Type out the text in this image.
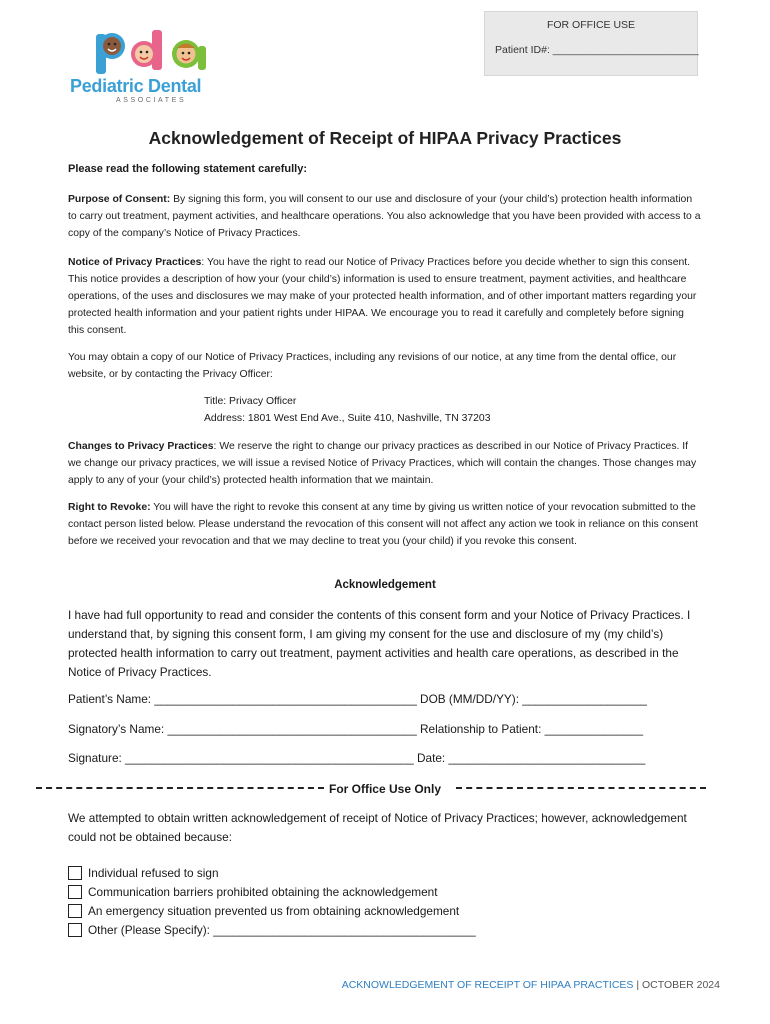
FOR OFFICE USE
Patient ID#: _________________________
Pediatric Dental
ASSOCIATES
Acknowledgement of Receipt of HIPAA Privacy Practices
Please read the following statement carefully:

Purpose of Consent: By signing this form, you will consent to our use and disclosure of your (your child’s) protection health information to carry out treatment, payment activities, and healthcare operations. You also acknowledge that you have been provided with access to a copy of the company’s Notice of Privacy Practices.

Notice of Privacy Practices: You have the right to read our Notice of Privacy Practices before you decide whether to sign this consent. This notice provides a description of how your (your child’s) information is used to ensure treatment, payment activities, and healthcare operations, of the uses and disclosures we may make of your protected health information, and of other important matters regarding your protected health information and your patient rights under HIPAA. We encourage you to read it carefully and completely before signing this consent.

You may obtain a copy of our Notice of Privacy Practices, including any revisions of our notice, at any time from the dental office, our website, or by contacting the Privacy Officer:

Title: Privacy Officer
Address: 1801 West End Ave., Suite 410, Nashville, TN 37203

Changes to Privacy Practices: We reserve the right to change our privacy practices as described in our Notice of Privacy Practices. If we change our privacy practices, we will issue a revised Notice of Privacy Practices, which will contain the changes. Those changes may apply to any of your (your child’s) protected health information that we maintain.

Right to Revoke: You will have the right to revoke this consent at any time by giving us written notice of your revocation submitted to the contact person listed below. Please understand the revocation of this consent will not affect any action we took in reliance on this consent before we received your revocation and that we may decline to treat you (your child) if you revoke this consent.

Acknowledgement

I have had full opportunity to read and consider the contents of this consent form and your Notice of Privacy Practices. I understand that, by signing this consent form, I am giving my consent for the use and disclosure of my (my child’s) protected health information to carry out treatment, payment activities and health care operations, as described in the Notice of Privacy Practices.

Patient’s Name: ________________________________________ DOB (MM/DD/YY): ___________________
Signatory’s Name: ______________________________________ Relationship to Patient: _______________
Signature: ____________________________________________ Date: ______________________________
For Office Use Only

We attempted to obtain written acknowledgement of receipt of Notice of Privacy Practices; however, acknowledgement could not be obtained because:

Individual refused to sign
Communication barriers prohibited obtaining the acknowledgement
An emergency situation prevented us from obtaining acknowledgement
Other (Please Specify): ________________________________________
ACKNOWLEDGEMENT OF RECEIPT OF HIPAA PRACTICES | OCTOBER 2024
